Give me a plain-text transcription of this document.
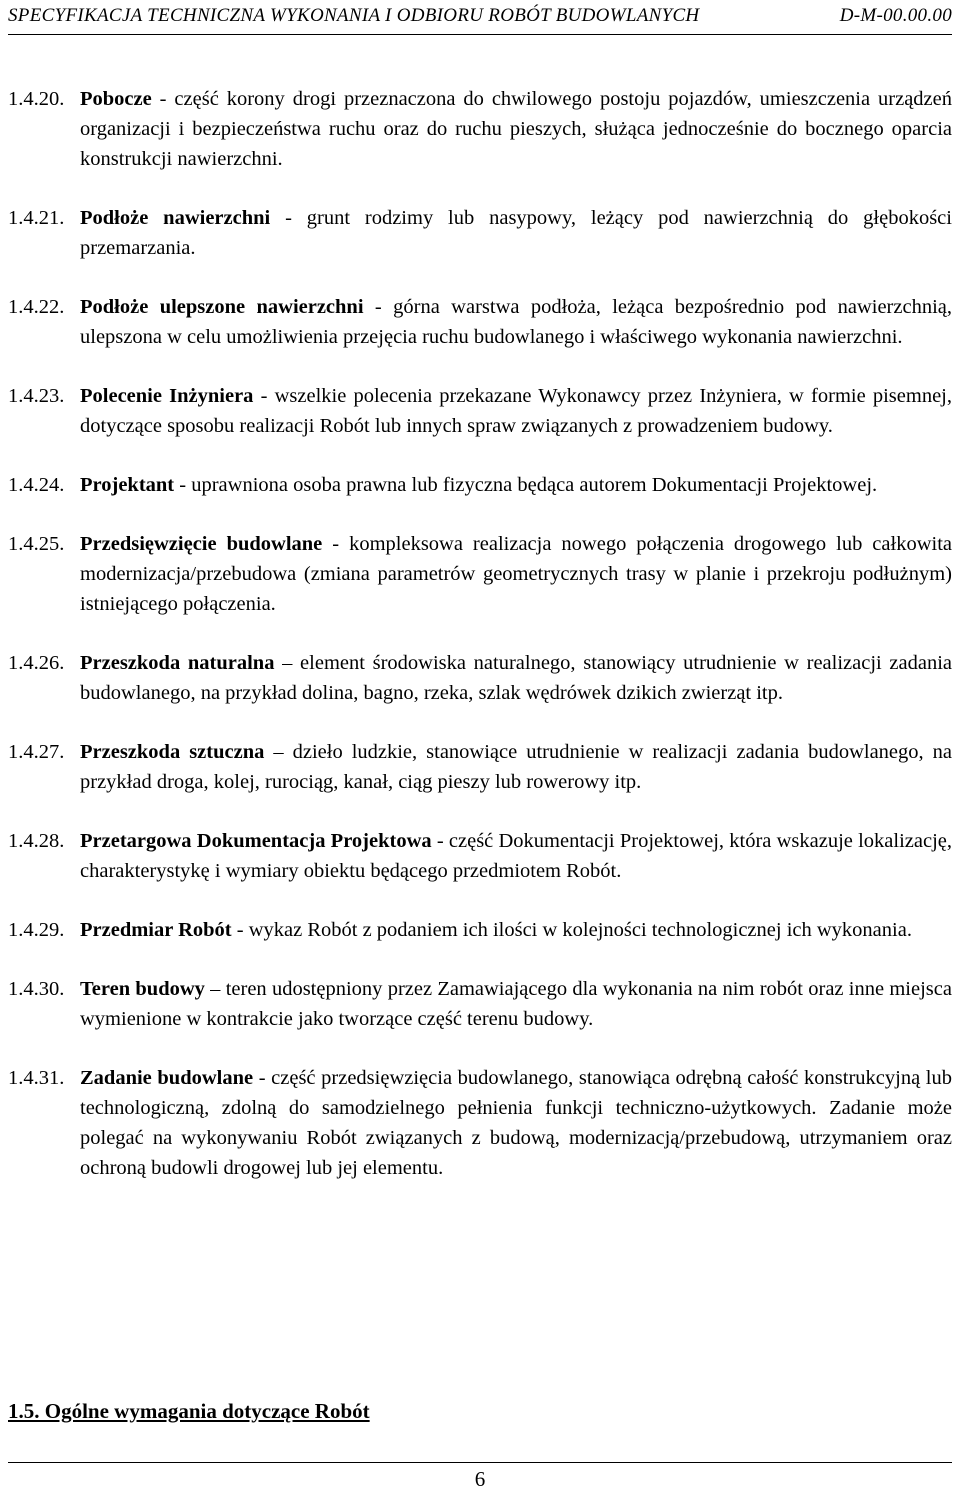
SPECYFIKACJA TECHNICZNA WYKONANIA I ODBIORU ROBÓT BUDOWLANYCH	D-M-00.00.00
1.4.20. Pobocze - część korony drogi przeznaczona do chwilowego postoju pojazdów, umieszczenia urządzeń organizacji i bezpieczeństwa ruchu oraz do ruchu pieszych, służąca jednocześnie do bocznego oparcia konstrukcji nawierzchni.
1.4.21. Podłoże nawierzchni - grunt rodzimy lub nasypowy, leżący pod nawierzchnią do głębokości przemarzania.
1.4.22. Podłoże ulepszone nawierzchni - górna warstwa podłoża, leżąca bezpośrednio pod nawierzchnią, ulepszona w celu umożliwienia przejęcia ruchu budowlanego i właściwego wykonania nawierzchni.
1.4.23. Polecenie Inżyniera - wszelkie polecenia przekazane Wykonawcy przez Inżyniera, w formie pisemnej, dotyczące sposobu realizacji Robót lub innych spraw związanych z prowadzeniem budowy.
1.4.24. Projektant - uprawniona osoba prawna lub fizyczna będąca autorem Dokumentacji Projektowej.
1.4.25. Przedsięwzięcie budowlane - kompleksowa realizacja nowego połączenia drogowego lub całkowita modernizacja/przebudowa (zmiana parametrów geometrycznych trasy w planie i przekroju podłużnym) istniejącego połączenia.
1.4.26. Przeszkoda naturalna – element środowiska naturalnego, stanowiący utrudnienie w realizacji zadania budowlanego, na przykład dolina, bagno, rzeka, szlak wędrówek dzikich zwierząt itp.
1.4.27. Przeszkoda sztuczna – dzieło ludzkie, stanowiące utrudnienie w realizacji zadania budowlanego, na przykład droga, kolej, rurociąg, kanał, ciąg pieszy lub rowerowy itp.
1.4.28. Przetargowa Dokumentacja Projektowa - część Dokumentacji Projektowej, która wskazuje lokalizację, charakterystykę i wymiary obiektu będącego przedmiotem Robót.
1.4.29. Przedmiar Robót - wykaz Robót z podaniem ich ilości w kolejności technologicznej ich wykonania.
1.4.30. Teren budowy – teren udostępniony przez Zamawiającego dla wykonania na nim robót oraz inne miejsca wymienione w kontrakcie jako tworzące część terenu budowy.
1.4.31. Zadanie budowlane - część przedsięwzięcia budowlanego, stanowiąca odrębną całość konstrukcyjną lub technologiczną, zdolną do samodzielnego pełnienia funkcji techniczno-użytkowych. Zadanie może polegać na wykonywaniu Robót związanych z budową, modernizacją/przebudową, utrzymaniem oraz ochroną budowli drogowej lub jej elementu.
1.5. Ogólne wymagania dotyczące Robót
6
